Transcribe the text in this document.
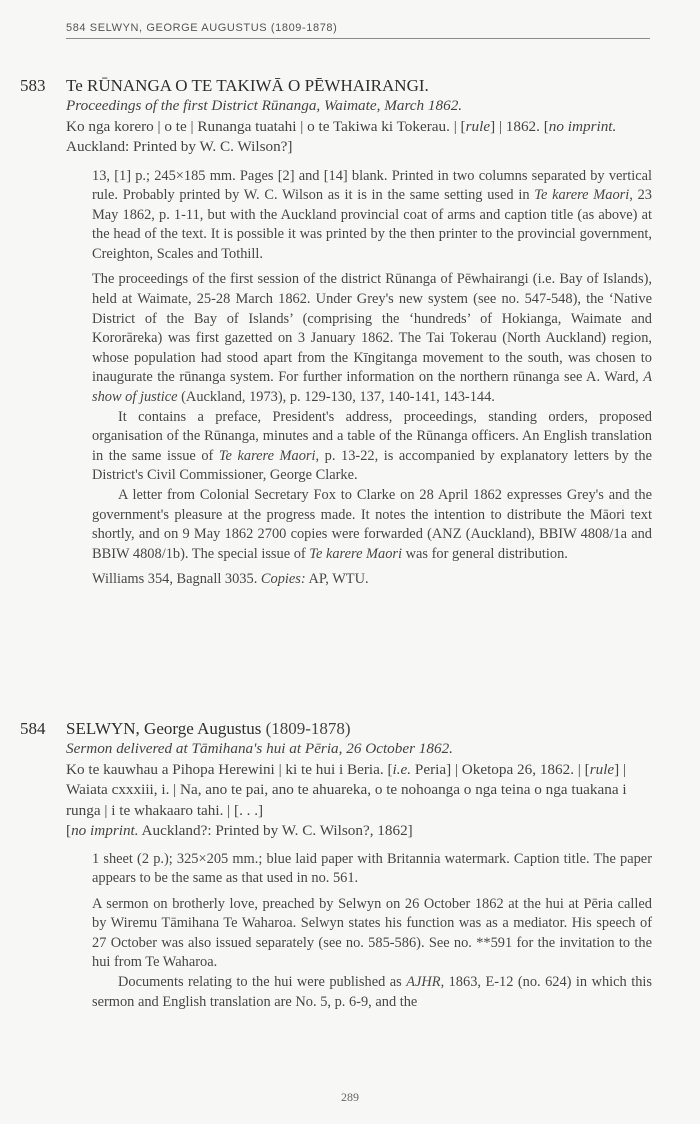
584 SELWYN, GEORGE AUGUSTUS (1809-1878)
583	Te RŪNANGA O TE TAKIWĀ O PĒWHAIRANGI.
Proceedings of the first District Rūnanga, Waimate, March 1862.
Ko nga korero | o te | Runanga tuatahi | o te Takiwa ki Tokerau. | [rule] | 1862. [no imprint. Auckland: Printed by W. C. Wilson?]

13, [1] p.; 245×185 mm. Pages [2] and [14] blank. Printed in two columns separated by vertical rule. Probably printed by W. C. Wilson as it is in the same setting used in Te karere Maori, 23 May 1862, p. 1-11, but with the Auckland provincial coat of arms and caption title (as above) at the head of the text. It is possible it was printed by the then printer to the provincial government, Creighton, Scales and Tothill.

The proceedings of the first session of the district Rūnanga of Pēwhairangi (i.e. Bay of Islands), held at Waimate, 25-28 March 1862. Under Grey's new system (see no. 547-548), the ‘Native District of the Bay of Islands’ (comprising the ‘hundreds’ of Hokianga, Waimate and Kororāreka) was first gazetted on 3 January 1862. The Tai Tokerau (North Auckland) region, whose population had stood apart from the Kīngitanga movement to the south, was chosen to inaugurate the rūnanga system. For further information on the northern rūnanga see A. Ward, A show of justice (Auckland, 1973), p. 129-130, 137, 140-141, 143-144.

It contains a preface, President's address, proceedings, standing orders, proposed organisation of the Rūnanga, minutes and a table of the Rūnanga officers. An English translation in the same issue of Te karere Maori, p. 13-22, is accompanied by explanatory letters by the District's Civil Commissioner, George Clarke.

A letter from Colonial Secretary Fox to Clarke on 28 April 1862 expresses Grey's and the government's pleasure at the progress made. It notes the intention to distribute the Māori text shortly, and on 9 May 1862 2700 copies were forwarded (ANZ (Auckland), BBIW 4808/1a and BBIW 4808/1b). The special issue of Te karere Maori was for general distribution.

Williams 354, Bagnall 3035. Copies: AP, WTU.

584	SELWYN, George Augustus (1809-1878)
Sermon delivered at Tāmihana's hui at Pēria, 26 October 1862.
Ko te kauwhau a Pihopa Herewini | ki te hui i Beria. [i.e. Peria] | Oketopa 26, 1862. | [rule] | Waiata cxxxiii, i. | Na, ano te pai, ano te ahuareka, o te nohoanga o nga teina o nga tuakana i runga | i te whakaaro tahi. | [. . .]
[no imprint. Auckland?: Printed by W. C. Wilson?, 1862]

1 sheet (2 p.); 325×205 mm.; blue laid paper with Britannia watermark. Caption title. The paper appears to be the same as that used in no. 561.

A sermon on brotherly love, preached by Selwyn on 26 October 1862 at the hui at Pēria called by Wiremu Tāmihana Te Waharoa. Selwyn states his function was as a mediator. His speech of 27 October was also issued separately (see no. 585-586). See no. **591 for the invitation to the hui from Te Waharoa.

Documents relating to the hui were published as AJHR, 1863, E-12 (no. 624) in which this sermon and English translation are No. 5, p. 6-9, and the

289
